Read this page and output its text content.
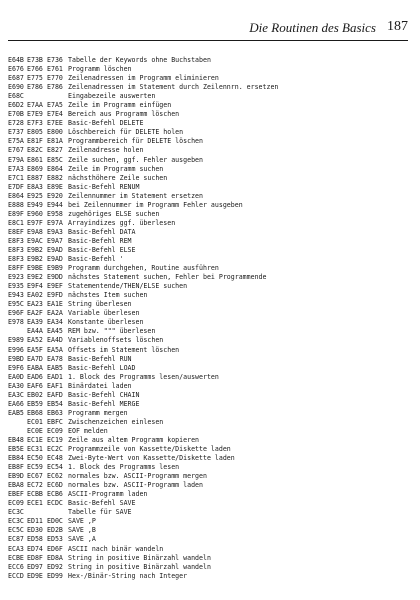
Die Routinen des Basics 187
E64B E73B E736 Tabelle der Keywords ohne Buchstaben
E676 E766 E761 Programm löschen
E687 E775 E770 Zeilenadressen im Programm eliminieren
E690 E786 E786 Zeilenadressen im Statement durch Zeilennrn. ersetzen
E68C	Eingabezeile auswerten
E6D2 E7AA E7A5 Zeile im Programm einfügen
E70B E7E9 E7E4 Bereich aus Programm löschen
E728 E7F3 E7EE Basic-Befehl DELETE
E737 E805 E800 Löschbereich für DELETE holen
E75A E81F E81A Programmbereich für DELETE löschen
E767 E82C E827 Zeilenadresse holen
E79A E861 E85C Zeile suchen, ggf. Fehler ausgeben
E7A3 E869 E864 Zeile im Programm suchen
E7C1 E887 E882 nächsthöhere Zeile suchen
E7DF E8A3 E89E Basic-Befehl RENUM
E864 E925 E920 Zeilennummer im Statement ersetzen
E888 E949 E944 bei Zeilennummer im Programm Fehler ausgeben
E89F E960 E958 zugehöriges ELSE suchen
E8C1 E97F E97A Arrayindizes ggf. überlesen
E8EF E9A8 E9A3 Basic-Befehl DATA
E8F3 E9AC E9A7 Basic-Befehl REM
E8F3 E9B2 E9AD Basic-Befehl ELSE
E8F3 E9B2 E9AD Basic-Befehl '
E8FF E9BE E9B9 Programm durchgehen, Routine ausführen
E923 E9E2 E9DD nächstes Statement suchen, Fehler bei Programmende
E935 E9F4 E9EF Statementende/THEN/ELSE suchen
E943 EA02 E9FD nächstes Item suchen
E95C EA23 EA1E String überlesen
E96F EA2F EA2A Variable überlesen
E978 EA39 EA34 Konstante überlesen
EA4A EA45 REM bzw. """ überlesen
E989 EA52 EA4D Variablenoffsets löschen
E996 EA5F EA5A Offsets im Statement löschen
E9BD EA7D EA78 Basic-Befehl RUN
E9F6 EABA EAB5 Basic-Befehl LOAD
EA0D EAD6 EAD1 1. Block des Programms lesen/auswerten
EA30 EAF6 EAF1 Binärdatei laden
EA3C EB02 EAFD Basic-Befehl CHAIN
EA66 EB59 EB54 Basic-Befehl MERGE
EAB5 EB68 EB63 Programm mergen
EC01 EBFC Zwischenzeichen einlesen
EC0E EC09 EOF melden
EB48 EC1E EC19 Zeile aus altem Programm kopieren
EB5E EC31 EC2C Programmzeile von Kassette/Diskette laden
EB84 EC50 EC48 Zwei-Byte-Wert von Kassette/Diskette laden
EB8F EC59 EC54 1. Block des Programms lesen
EB9D EC67 EC62 normales bzw. ASCII-Programm mergen
EBA8 EC72 EC6D normales bzw. ASCII-Programm laden
EBEF ECBB ECB6 ASCII-Programm laden
EC09 ECE1 ECDC Basic-Befehl SAVE
EC3C	Tabelle für SAVE
EC3C ED11 ED0C SAVE ,P
EC5C ED30 ED2B SAVE ,B
EC87 ED58 ED53 SAVE ,A
ECA3 ED74 ED6F ASCII nach binär wandeln
ECBE ED8F ED8A String in positive Binärzahl wandeln
ECC6 ED97 ED92 String in positive Binärzahl wandeln
ECCD ED9E ED99 Hex-/Binär-String nach Integer
